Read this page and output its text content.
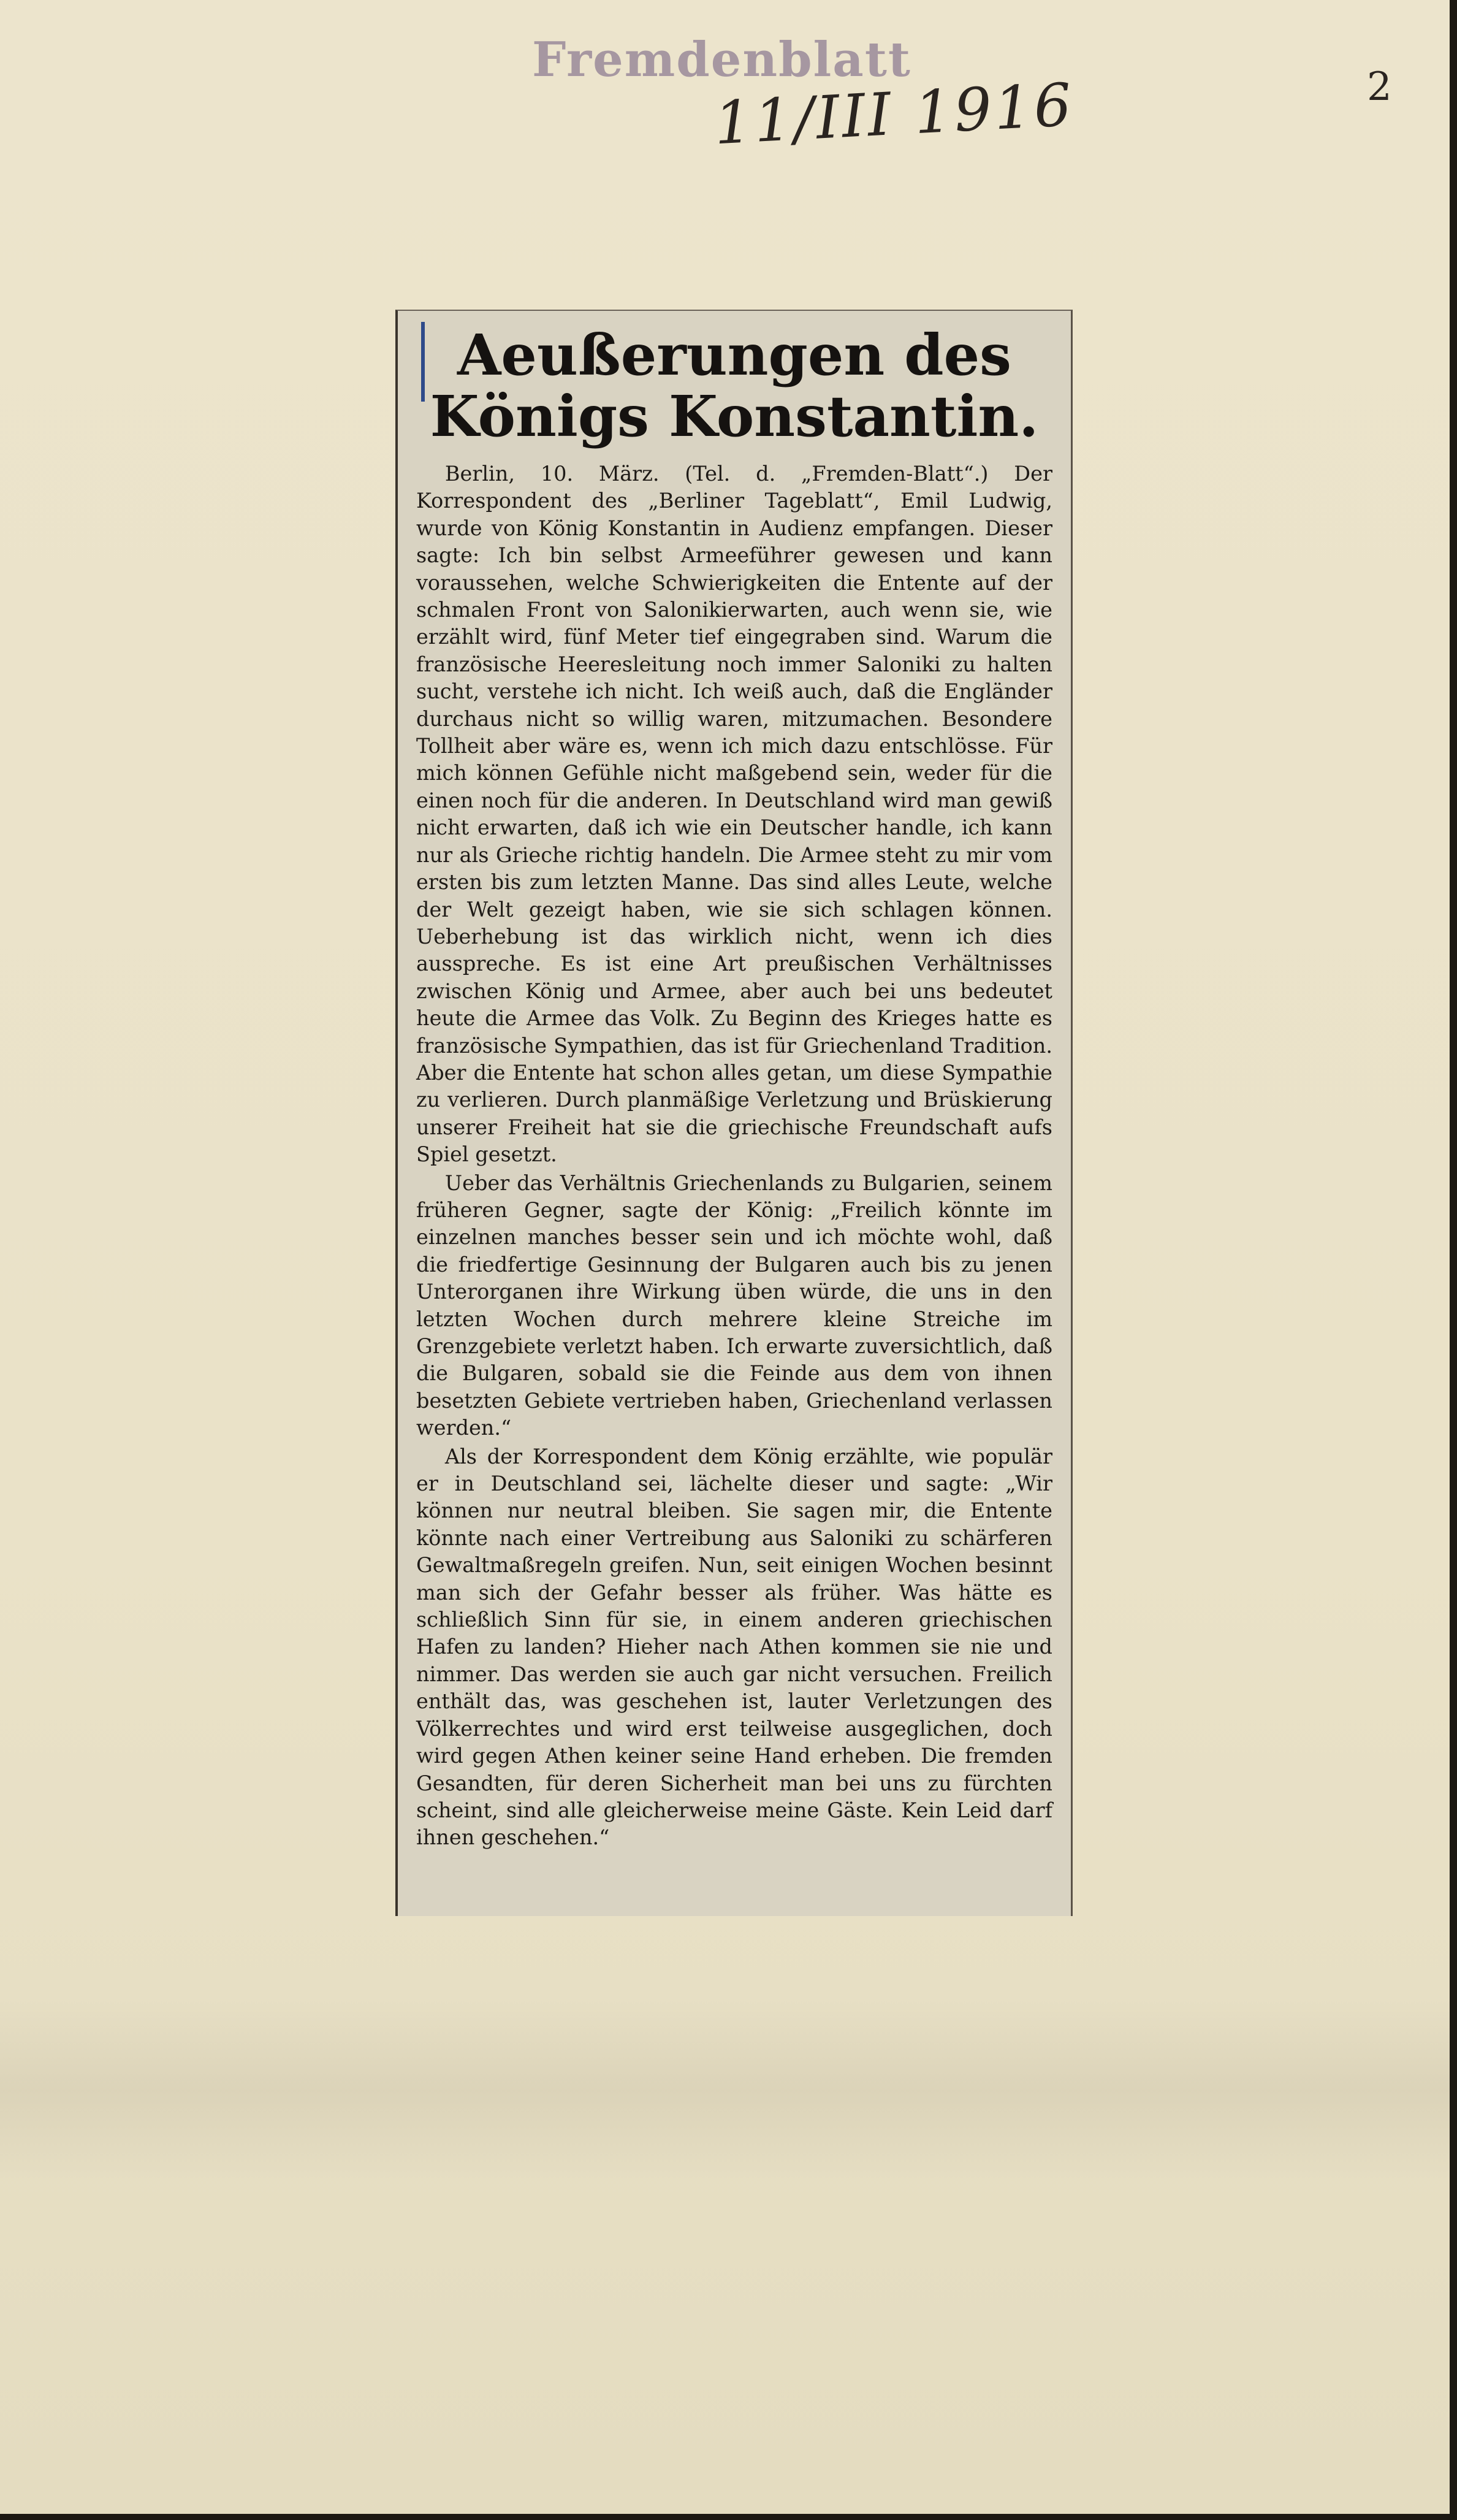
Fremdenblatt
11/III 1916	2
Aeußerungen des Königs Konstantin.

Berlin, 10. März. (Tel. d. „Fremden-Blatt“.) Der Korrespondent des „Berliner Tageblatt“, Emil Ludwig, wurde von König Konstantin in Audienz empfangen. Dieser sagte: Ich bin selbst Armeeführer gewesen und kann voraussehen, welche Schwierigkeiten die Entente auf der schmalen Front von Salonikierwarten, auch wenn sie, wie erzählt wird, fünf Meter tief eingegraben sind. Warum die französische Heeresleitung noch immer Saloniki zu halten sucht, verstehe ich nicht. Ich weiß auch, daß die Engländer durchaus nicht so willig waren, mitzumachen. Besondere Tollheit aber wäre es, wenn ich mich dazu entschlösse. Für mich können Gefühle nicht maßgebend sein, weder für die einen noch für die anderen. In Deutschland wird man gewiß nicht erwarten, daß ich wie ein Deutscher handle, ich kann nur als Grieche richtig handeln. Die Armee steht zu mir vom ersten bis zum letzten Manne. Das sind alles Leute, welche der Welt gezeigt haben, wie sie sich schlagen können. Ueberhebung ist das wirklich nicht, wenn ich dies ausspreche. Es ist eine Art preußischen Verhältnisses zwischen König und Armee, aber auch bei uns bedeutet heute die Armee das Volk. Zu Beginn des Krieges hatte es französische Sympathien, das ist für Griechenland Tradition. Aber die Entente hat schon alles getan, um diese Sympathie zu verlieren. Durch planmäßige Verletzung und Brüskierung unserer Freiheit hat sie die griechische Freundschaft aufs Spiel gesetzt.

Ueber das Verhältnis Griechenlands zu Bulgarien, seinem früheren Gegner, sagte der König: „Freilich könnte im einzelnen manches besser sein und ich möchte wohl, daß die friedfertige Gesinnung der Bulgaren auch bis zu jenen Unterorganen ihre Wirkung üben würde, die uns in den letzten Wochen durch mehrere kleine Streiche im Grenzgebiete verletzt haben. Ich erwarte zuversichtlich, daß die Bulgaren, sobald sie die Feinde aus dem von ihnen besetzten Gebiete vertrieben haben, Griechenland verlassen werden.“

Als der Korrespondent dem König erzählte, wie populär er in Deutschland sei, lächelte dieser und sagte: „Wir können nur neutral bleiben. Sie sagen mir, die Entente könnte nach einer Vertreibung aus Saloniki zu schärferen Gewaltmaßregeln greifen. Nun, seit einigen Wochen besinnt man sich der Gefahr besser als früher. Was hätte es schließlich Sinn für sie, in einem anderen griechischen Hafen zu landen? Hieher nach Athen kommen sie nie und nimmer. Das werden sie auch gar nicht versuchen. Freilich enthält das, was geschehen ist, lauter Verletzungen des Völkerrechtes und wird erst teilweise ausgeglichen, doch wird gegen Athen keiner seine Hand erheben. Die fremden Gesandten, für deren Sicherheit man bei uns zu fürchten scheint, sind alle gleicherweise meine Gäste. Kein Leid darf ihnen geschehen.“
